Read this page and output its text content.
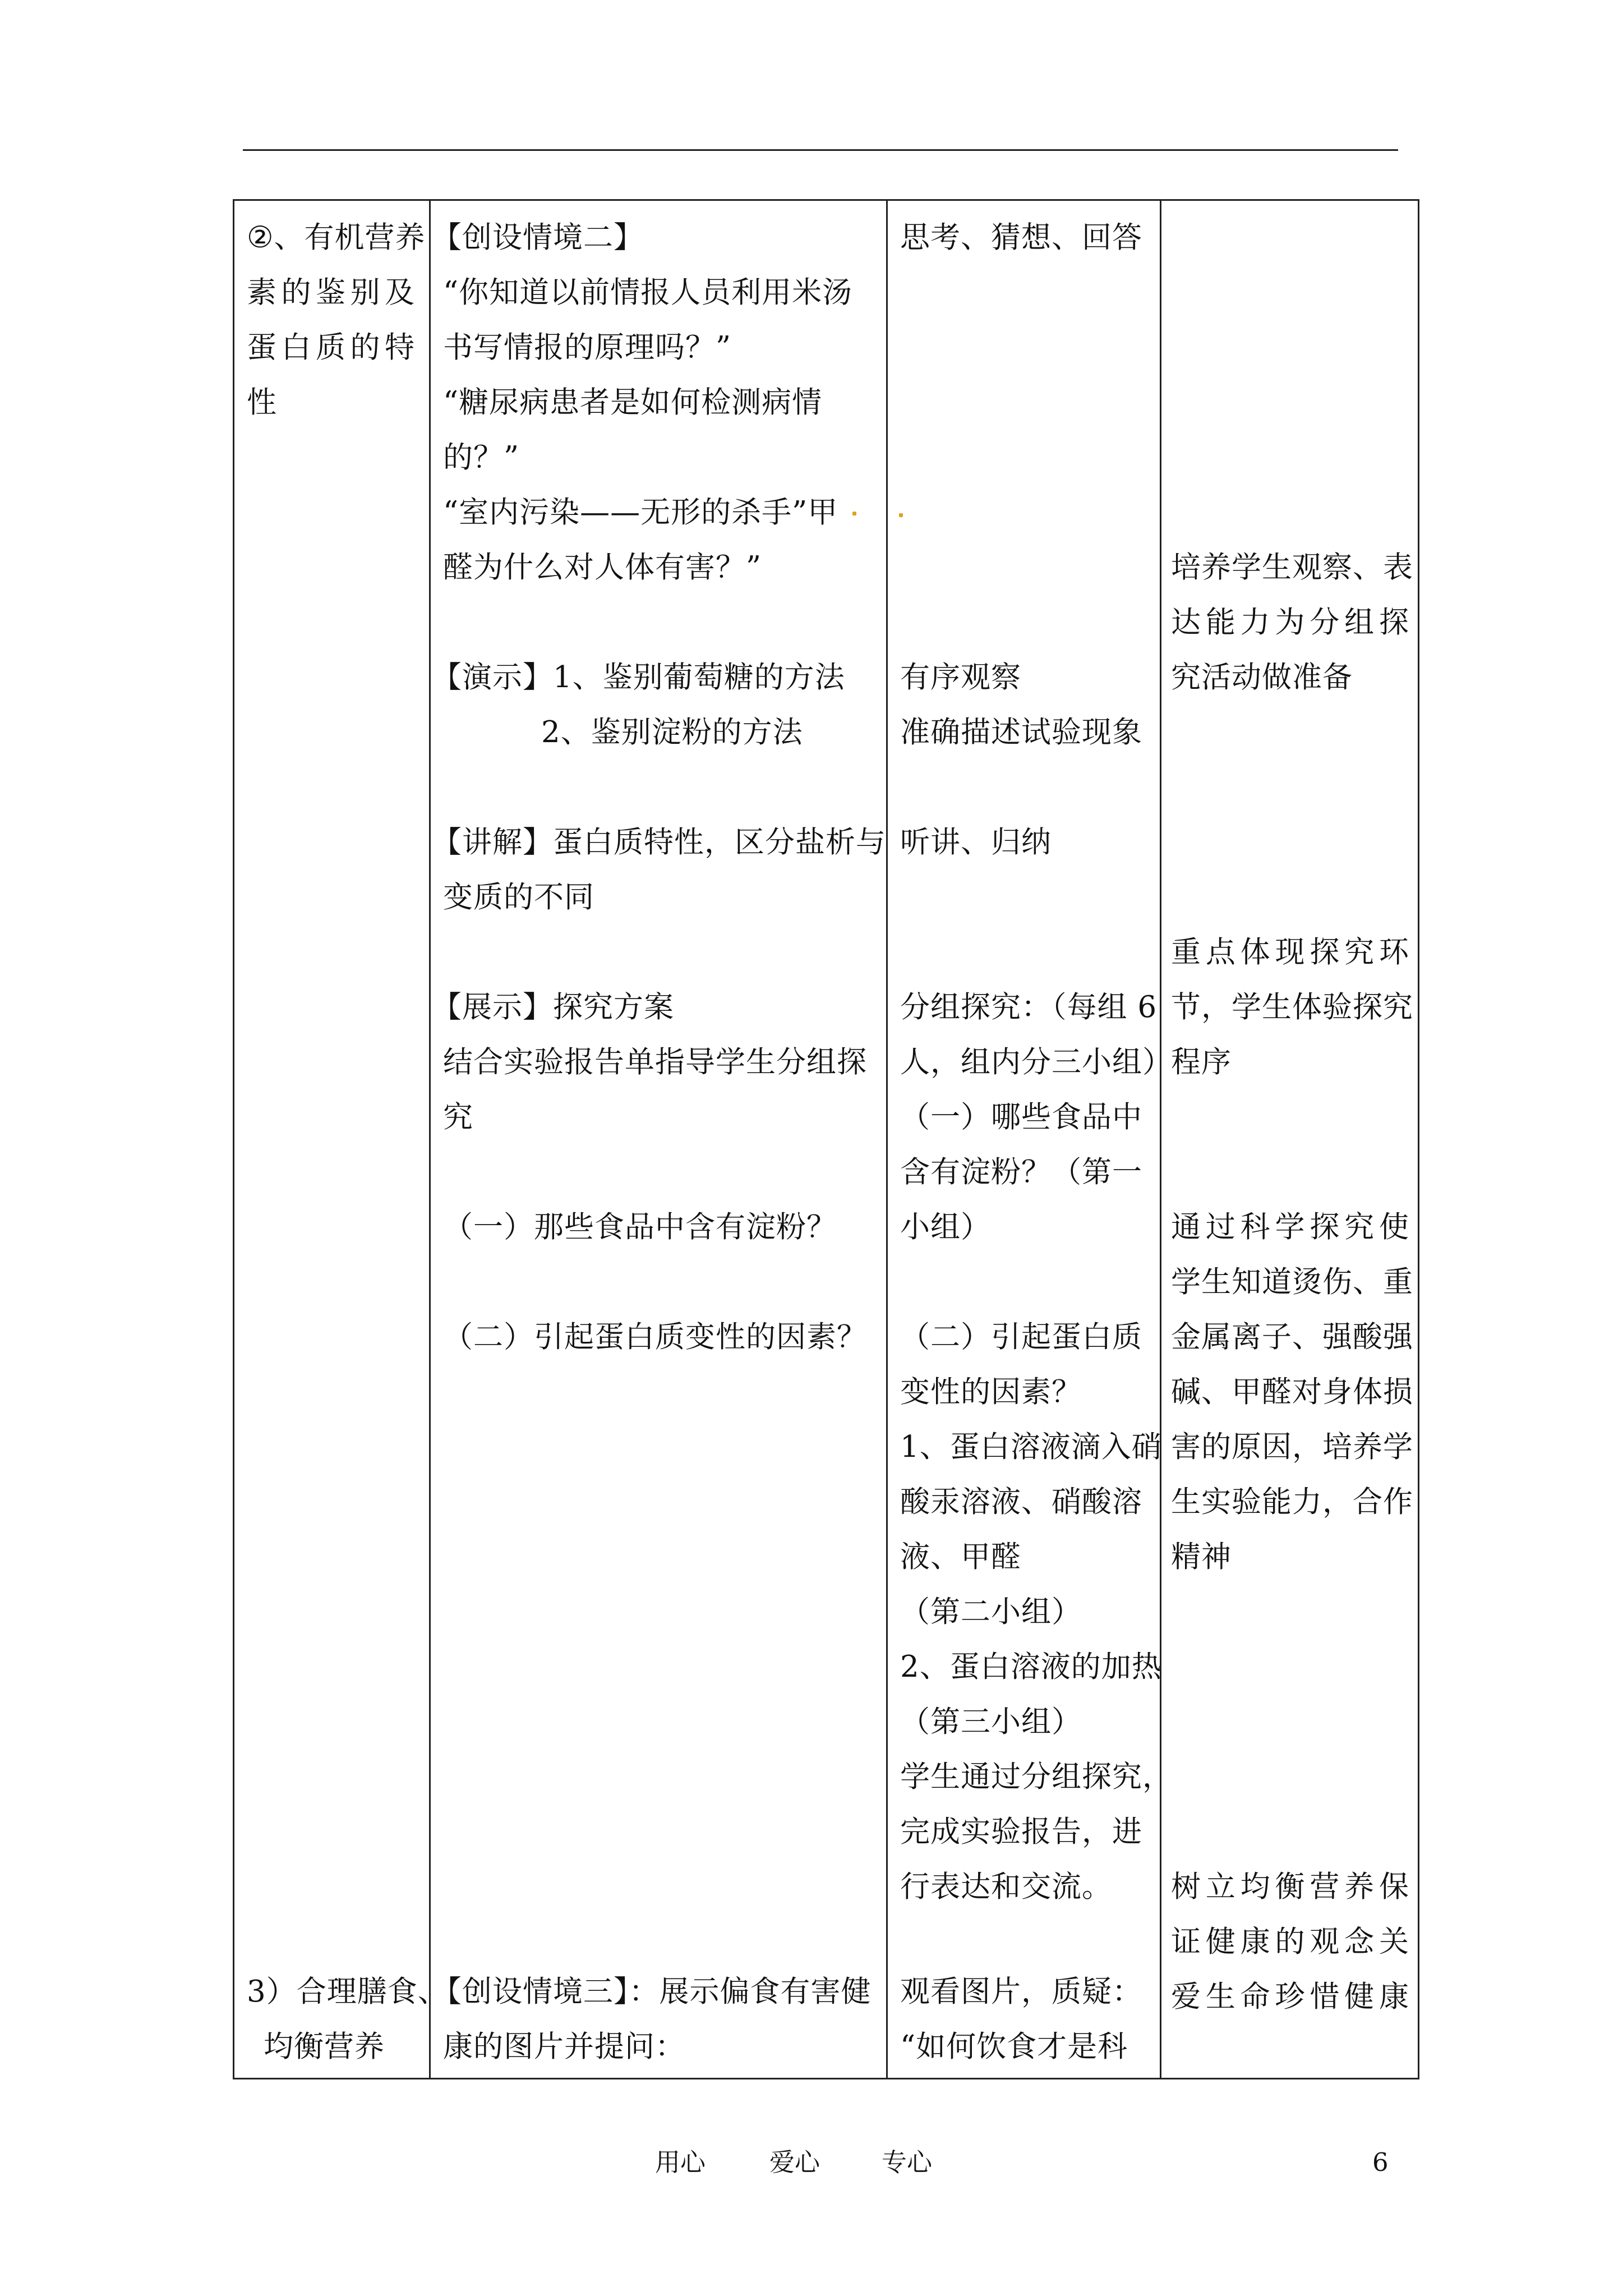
② 、 有 机 营 养
素 的 鉴 别 及
蛋 白 质 的 特
性
3）合理膳食、
均衡营养
【创设情境二】
“你知道以前情报人员利用米汤
书写情报的原理吗？”
“糖尿病患者是如何检测病情
的？”
“室内污染——无形的杀手”甲
醛为什么对人体有害？”
【演示】1、鉴别葡萄糖的方法
2、鉴别淀粉的方法
【讲解】蛋白质特性，区分盐析与
变质的不同
【展示】探究方案
结合实验报告单指导学生分组探
究
（一）那些食品中含有淀粉？
（二）引起蛋白质变性的因素？
【创设情境三】：展示偏食有害健
康的图片并提问：
思考、猜想、回答
有序观察
准确描述试验现象
听讲、归纳
分组探究：（每组 6
人，组内分三小组）
（一）哪些食品中
含有淀粉？（第一
小组）
（二）引起蛋白质
变性的因素？
1、蛋白溶液滴入硝
酸汞溶液、硝酸溶
液、甲醛
（第二小组）
2、蛋白溶液的加热
（第三小组）
学生通过分组探究，
完成实验报告，进
行表达和交流。
观看图片，质疑：
“如何饮食才是科
培 养 学 生 观 察 、 表
达 能 力 为 分 组 探
究活动做准备
重 点 体 现 探 究 环
节 ， 学 生 体 验 探 究
程序
通 过 科 学 探 究 使
学 生 知 道 烫 伤 、 重
金 属 离 子 、 强 酸 强
碱 、 甲 醛 对 身 体 损
害 的 原 因 ， 培 养 学
生 实 验 能 力 ， 合 作
精神
树 立 均 衡 营 养 保
证 健 康 的 观 念 关
爱 生 命 珍 惜 健 康
用心	爱心 专心	6
